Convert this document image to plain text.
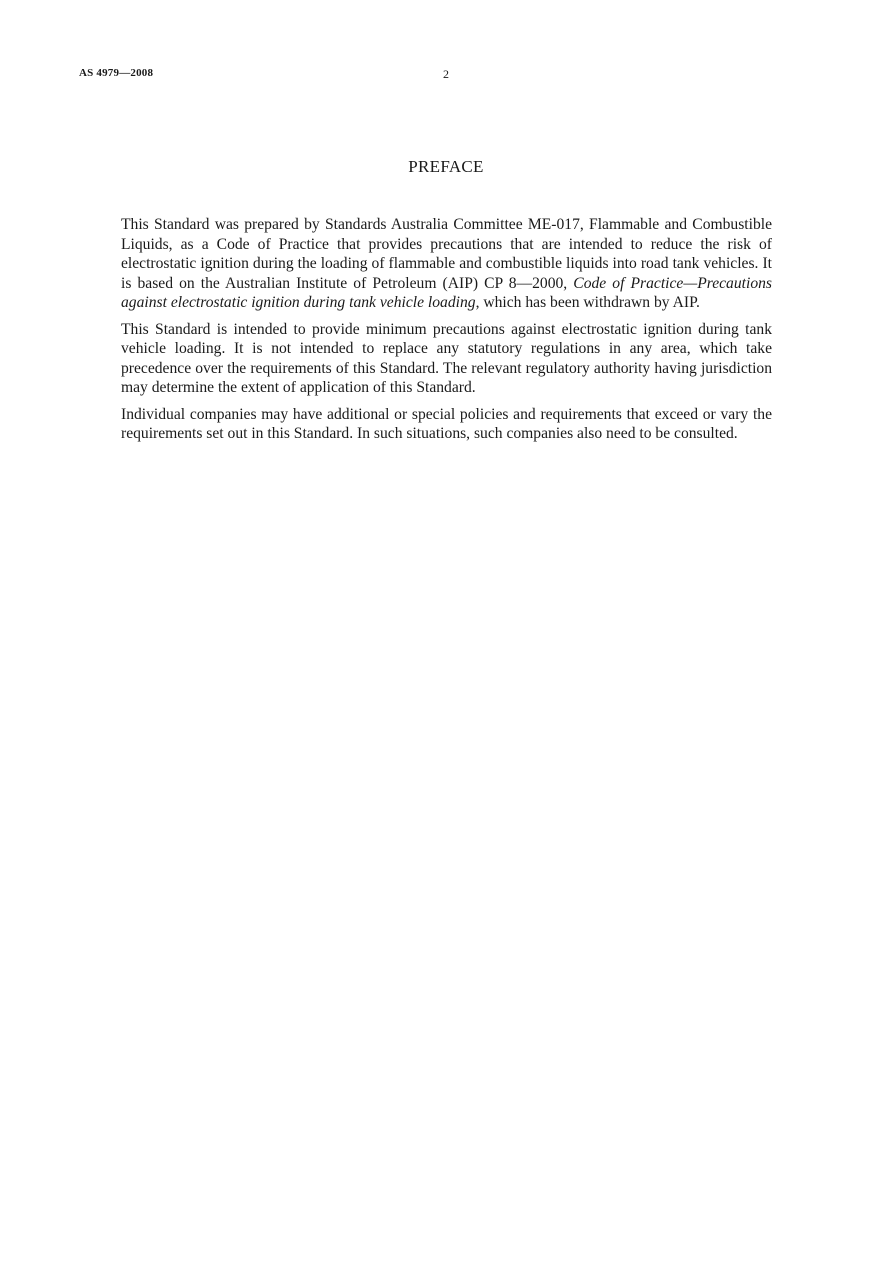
AS 4979—2008	2
PREFACE

This Standard was prepared by Standards Australia Committee ME-017, Flammable and Combustible Liquids, as a Code of Practice that provides precautions that are intended to reduce the risk of electrostatic ignition during the loading of flammable and combustible liquids into road tank vehicles. It is based on the Australian Institute of Petroleum (AIP) CP 8—2000, Code of Practice—Precautions against electrostatic ignition during tank vehicle loading, which has been withdrawn by AIP.

This Standard is intended to provide minimum precautions against electrostatic ignition during tank vehicle loading. It is not intended to replace any statutory regulations in any area, which take precedence over the requirements of this Standard. The relevant regulatory authority having jurisdiction may determine the extent of application of this Standard.

Individual companies may have additional or special policies and requirements that exceed or vary the requirements set out in this Standard. In such situations, such companies also need to be consulted.
